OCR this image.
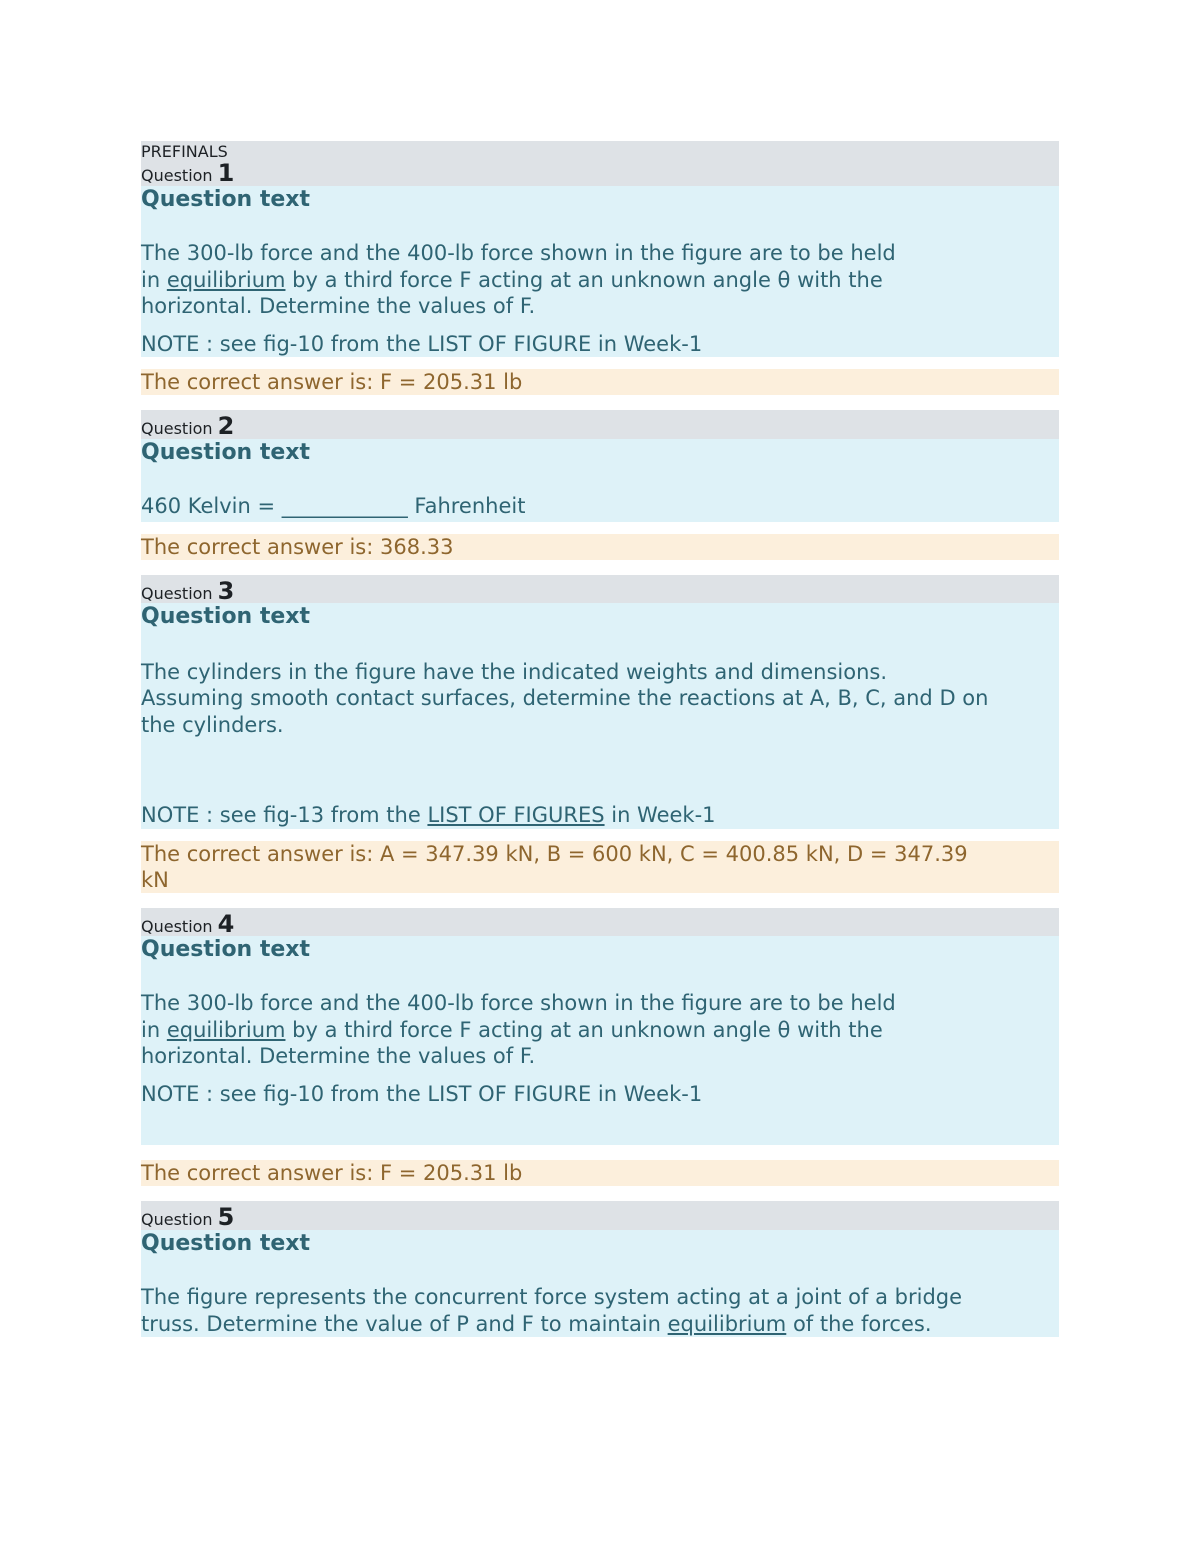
PREFINALS
Question 1
Question text

The 300-lb force and the 400-lb force shown in the figure are to be held

in equilibrium by a third force F acting at an unknown angle θ with the

horizontal. Determine the values of F.

NOTE : see fig-10 from the LIST OF FIGURE in Week-1

The correct answer is: F = 205.31 lb
Question 2
Question text

460 Kelvin = ____________ Fahrenheit

The correct answer is: 368.33
Question 3
Question text

The cylinders in the figure have the indicated weights and dimensions.

Assuming smooth contact surfaces, determine the reactions at A, B, C, and D on

the cylinders.

NOTE : see fig-13 from the LIST OF FIGURES in Week-1

The correct answer is: A = 347.39 kN, B = 600 kN, C = 400.85 kN, D = 347.39
kN
Question 4
Question text

The 300-lb force and the 400-lb force shown in the figure are to be held

in equilibrium by a third force F acting at an unknown angle θ with the

horizontal. Determine the values of F.

NOTE : see fig-10 from the LIST OF FIGURE in Week-1

The correct answer is: F = 205.31 lb
Question 5
Question text

The figure represents the concurrent force system acting at a joint of a bridge

truss. Determine the value of P and F to maintain equilibrium of the forces.
